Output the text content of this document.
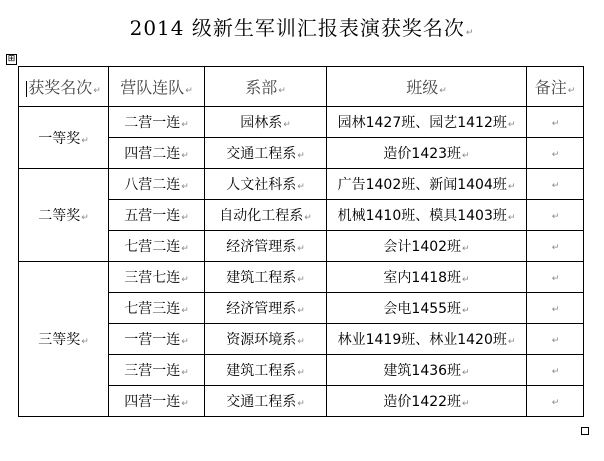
2014 级新生军训汇报表演获奖名次↵
⊞
获奖名次↵	营队连队↵	系部↵	班级↵	备注↵
一等奖↵	二营一连↵	园林系↵	园林1427班、园艺1412班↵	↵
	四营二连↵	交通工程系↵	造价1423班↵	↵
二等奖↵	八营二连↵	人文社科系↵	广告1402班、新闻1404班↵	↵
	五营一连↵	自动化工程系↵	机械1410班、模具1403班↵	↵
	七营二连↵	经济管理系↵	会计1402班↵	↵
三等奖↵	三营七连↵	建筑工程系↵	室内1418班↵	↵
	七营三连↵	经济管理系↵	会电1455班↵	↵
	一营一连↵	资源环境系↵	林业1419班、林业1420班↵	↵
	三营一连↵	建筑工程系↵	建筑1436班↵	↵
	四营一连↵	交通工程系↵	造价1422班↵	↵
